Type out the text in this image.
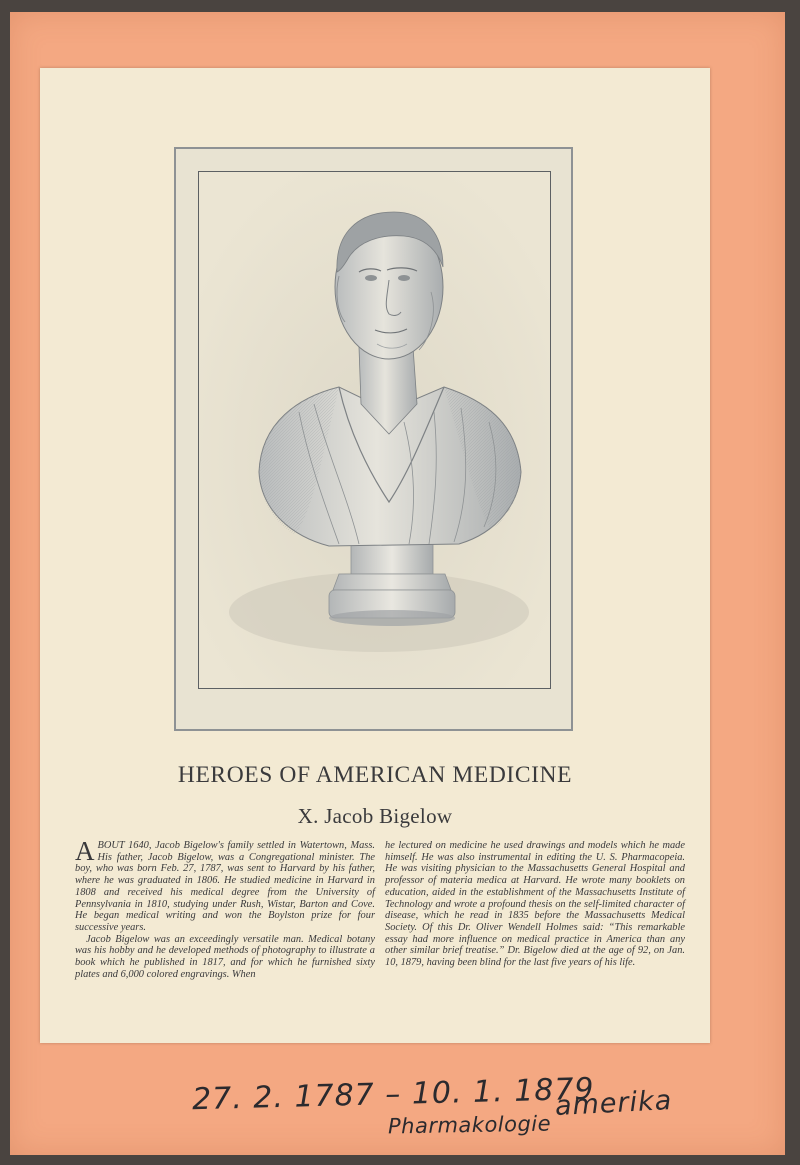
HEROES OF AMERICAN MEDICINE
X. Jacob Bigelow

ABOUT 1640, Jacob Bigelow's family settled in Watertown, Mass. His father, Jacob Bigelow, was a Congregational minister. The boy, who was born Feb. 27, 1787, was sent to Harvard by his father, where he was graduated in 1806. He studied medicine in Harvard in 1808 and received his medical degree from the University of Pennsylvania in 1810, studying under Rush, Wistar, Barton and Cove. He began medical writing and won the Boylston prize for four successive years.

Jacob Bigelow was an exceedingly versatile man. Medical botany was his hobby and he developed methods of photography to illustrate a book which he published in 1817, and for which he furnished sixty plates and 6,000 colored engravings. When

he lectured on medicine he used drawings and models which he made himself. He was also instrumental in editing the U. S. Pharmacopeia. He was visiting physician to the Massachusetts General Hospital and professor of materia medica at Harvard. He wrote many booklets on education, aided in the establishment of the Massachusetts Institute of Technology and wrote a profound thesis on the self-limited character of disease, which he read in 1835 before the Massachusetts Medical Society. Of this Dr. Oliver Wendell Holmes said: “This remarkable essay had more influence on medical practice in America than any other similar brief treatise.” Dr. Bigelow died at the age of 92, on Jan. 10, 1879, having been blind for the last five years of his life.

27. 2. 1787 – 10. 1. 1879
amerika
Pharmakologie
